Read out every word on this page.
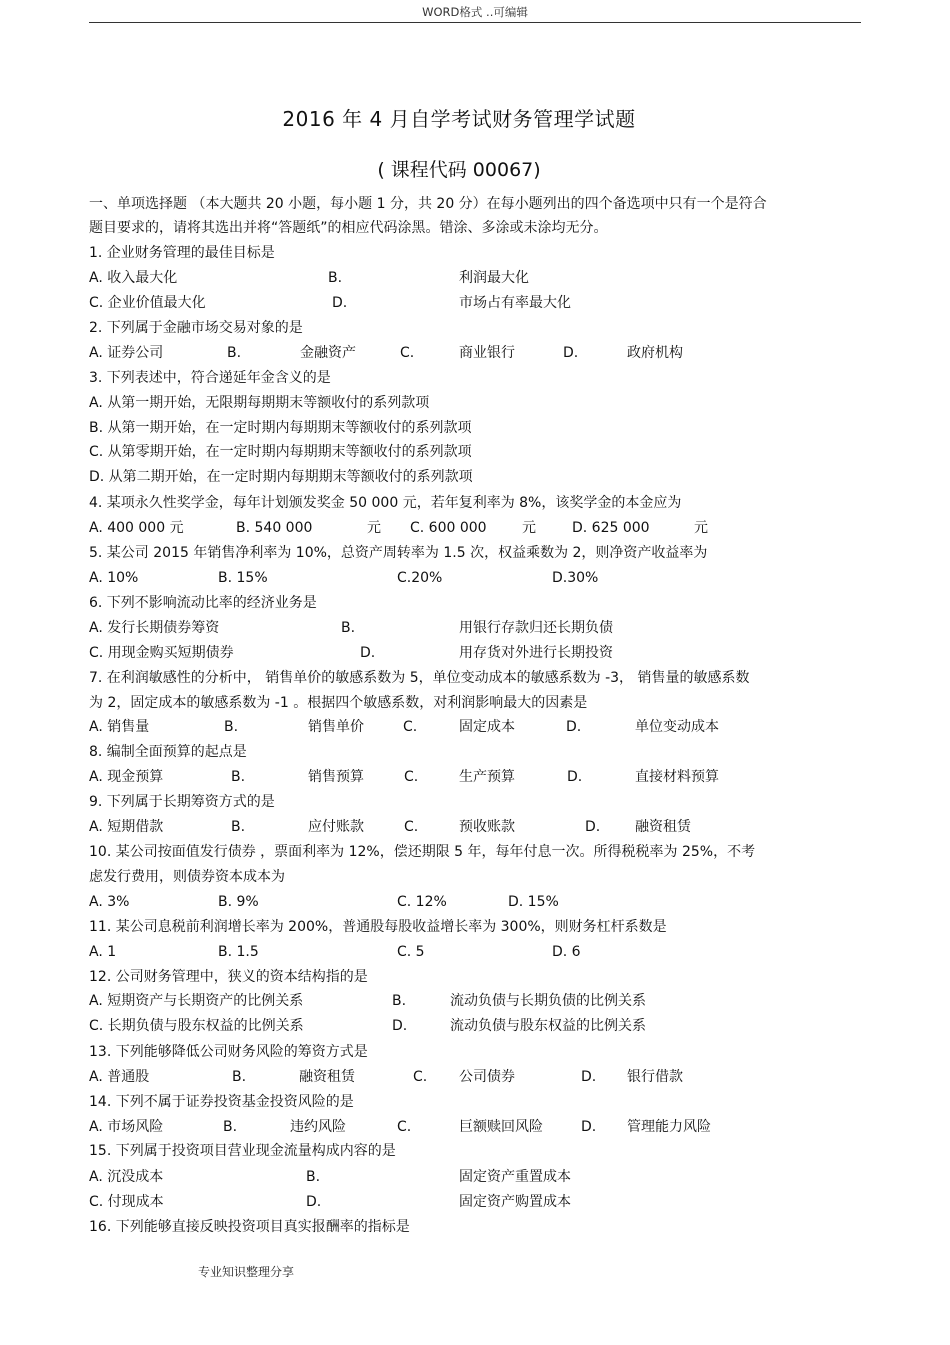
WORD格式 ..可编辑
2016 年 4 月自学考试财务管理学试题
( 课程代码 00067)
一、单项选择题 （本大题共 20 小题，每小题 1 分，共 20 分）在每小题列出的四个备选项中只有一个是符合
题目要求的，请将其选出并将“答题纸”的相应代码涂黑。错涂、多涂或未涂均无分。
1. 企业财务管理的最佳目标是
A. 收入最大化	B.	利润最大化
C. 企业价值最大化	D.	市场占有率最大化
2. 下列属于金融市场交易对象的是
A. 证券公司	B.	金融资产	C.	商业银行	D.	政府机构
3. 下列表述中，符合递延年金含义的是
A. 从第一期开始，无限期每期期末等额收付的系列款项
B. 从第一期开始，在一定时期内每期期末等额收付的系列款项
C. 从第零期开始，在一定时期内每期期末等额收付的系列款项
D. 从第二期开始，在一定时期内每期期末等额收付的系列款项
4. 某项永久性奖学金，每年计划颁发奖金 50 000 元，若年复利率为 8%，该奖学金的本金应为
A. 400 000 元	B. 540 000	元 C. 600 000	元	D. 625 000	元
5. 某公司 2015 年销售净利率为 10%，总资产周转率为 1.5 次，权益乘数为 2，则净资产收益率为
A. 10%	B. 15%	C.20%	D.30%
6. 下列不影响流动比率的经济业务是
A. 发行长期债券筹资	B.	用银行存款归还长期负债
C. 用现金购买短期债券	D.	用存货对外进行长期投资
7. 在利润敏感性的分析中， 销售单价的敏感系数为 5，单位变动成本的敏感系数为 -3， 销售量的敏感系数
为 2，固定成本的敏感系数为 -1 。根据四个敏感系数，对利润影响最大的因素是
A. 销售量	B.	销售单价	C.	固定成本	D.	单位变动成本
8. 编制全面预算的起点是
A. 现金预算	B.	销售预算	C.	生产预算	D.	直接材料预算
9. 下列属于长期筹资方式的是
A. 短期借款	B.	应付账款	C.	预收账款	D. 融资租赁
10. 某公司按面值发行债券 ，票面利率为 12%，偿还期限 5 年，每年付息一次。所得税税率为 25%，不考
虑发行费用，则债券资本成本为
A. 3%	B. 9%	C. 12%	D. 15%
11. 某公司息税前利润增长率为 200%，普通股每股收益增长率为 300%，则财务杠杆系数是
A. 1	B. 1.5	C. 5	D. 6
12. 公司财务管理中，狭义的资本结构指的是
A. 短期资产与长期资产的比例关系	B.	流动负债与长期负债的比例关系
C. 长期负债与股东权益的比例关系	D.	流动负债与股东权益的比例关系
13. 下列能够降低公司财务风险的筹资方式是
A. 普通股	B.	融资租赁	C. 公司债券	D. 银行借款
14. 下列不属于证券投资基金投资风险的是
A. 市场风险	B.	违约风险	C.	巨额赎回风险	D. 管理能力风险
15. 下列属于投资项目营业现金流量构成内容的是
A. 沉没成本	B.	固定资产重置成本
C. 付现成本	D.	固定资产购置成本
16. 下列能够直接反映投资项目真实报酬率的指标是
专业知识整理分享
